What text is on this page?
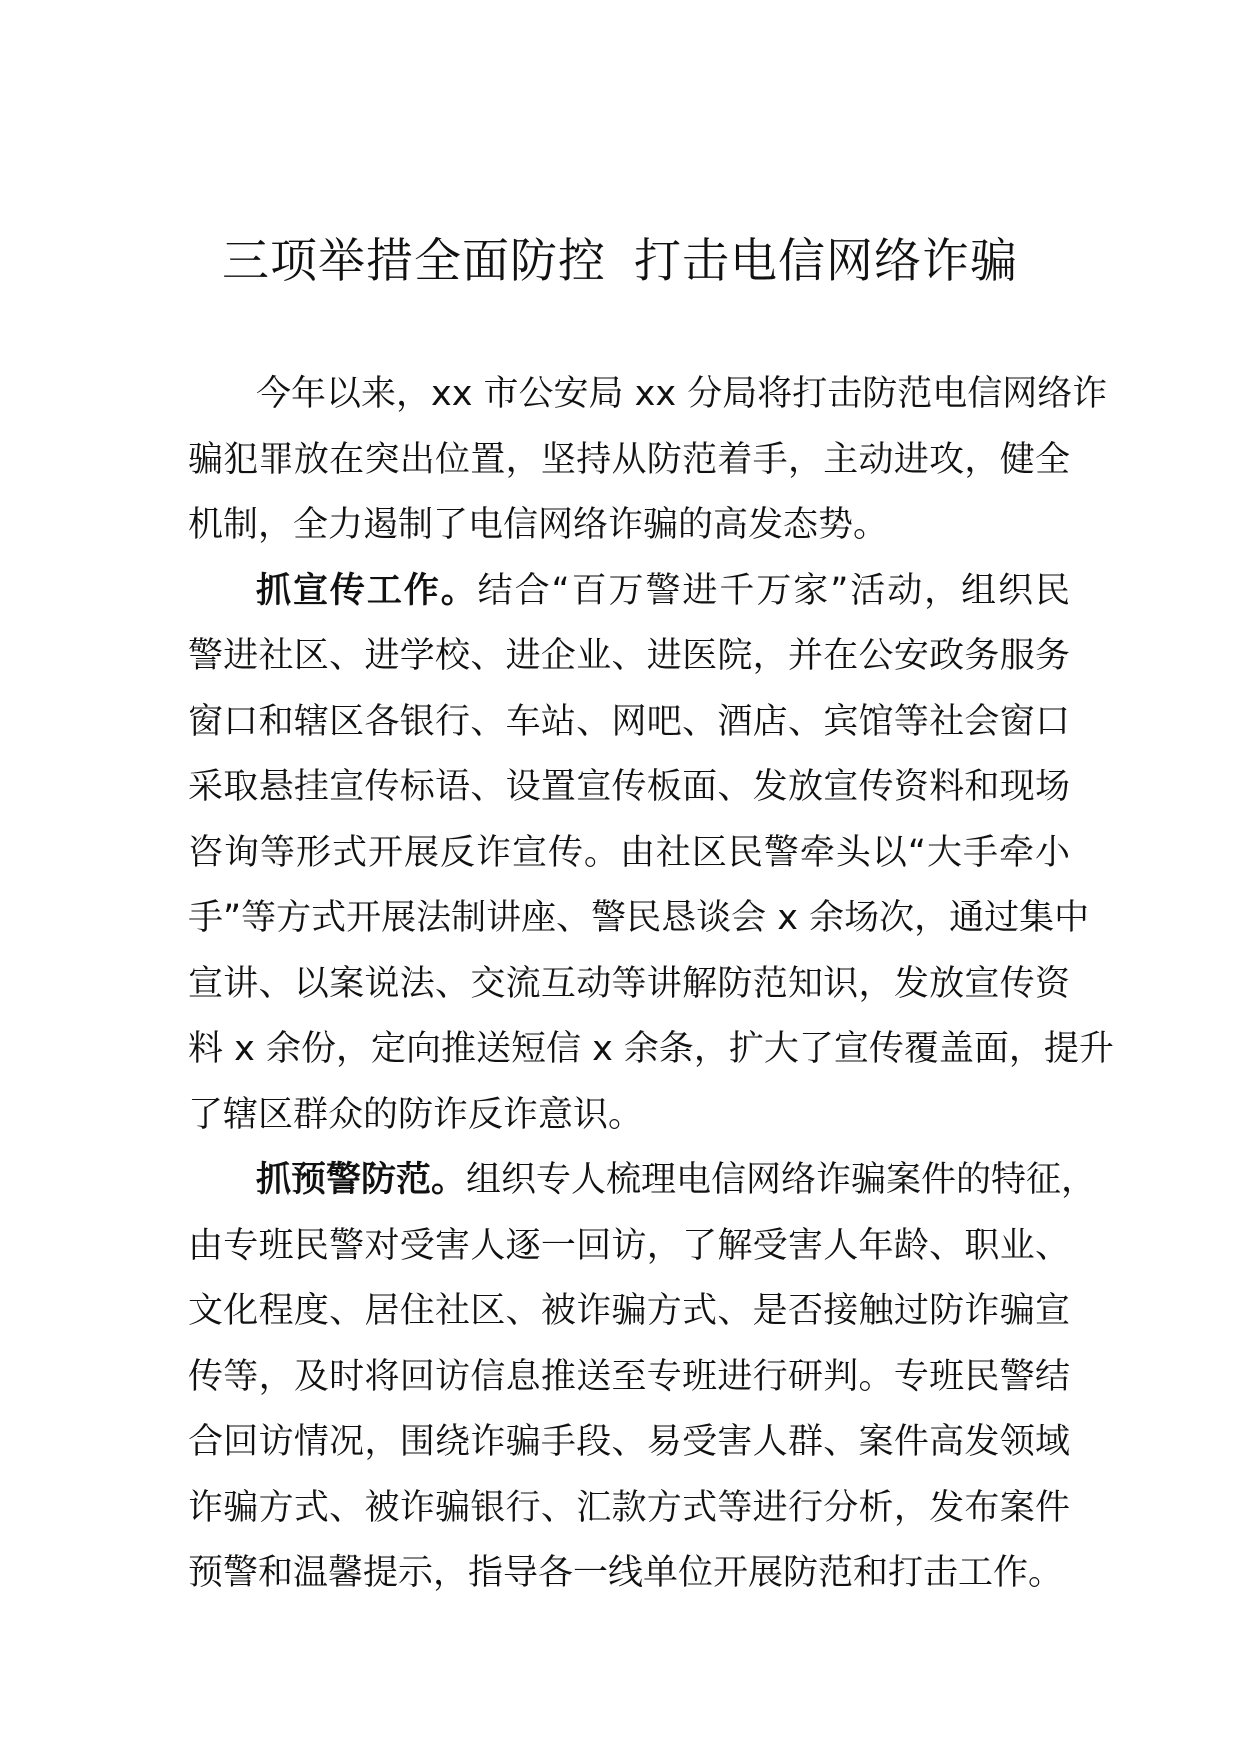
三项举措全面防控 打击电信网络诈骗
今年以来，xx 市公安局 xx 分局将打击防范电信网络诈
骗犯罪放在突出位置，坚持从防范着手，主动进攻，健全
机制，全力遏制了电信网络诈骗的高发态势。
抓宣传工作。结合“百万警进千万家”活动，组织民
警进社区、进学校、进企业、进医院，并在公安政务服务
窗口和辖区各银行、车站、网吧、酒店、宾馆等社会窗口
采取悬挂宣传标语、设置宣传板面、发放宣传资料和现场
咨询等形式开展反诈宣传。由社区民警牵头以“大手牵小
手”等方式开展法制讲座、警民恳谈会 x 余场次，通过集中
宣讲、以案说法、交流互动等讲解防范知识，发放宣传资
料 x 余份，定向推送短信 x 余条，扩大了宣传覆盖面，提升
了辖区群众的防诈反诈意识。
抓预警防范。组织专人梳理电信网络诈骗案件的特征，
由专班民警对受害人逐一回访，了解受害人年龄、职业、
文化程度、居住社区、被诈骗方式、是否接触过防诈骗宣
传等，及时将回访信息推送至专班进行研判。专班民警结
合回访情况，围绕诈骗手段、易受害人群、案件高发领域
诈骗方式、被诈骗银行、汇款方式等进行分析，发布案件
预警和温馨提示，指导各一线单位开展防范和打击工作。
